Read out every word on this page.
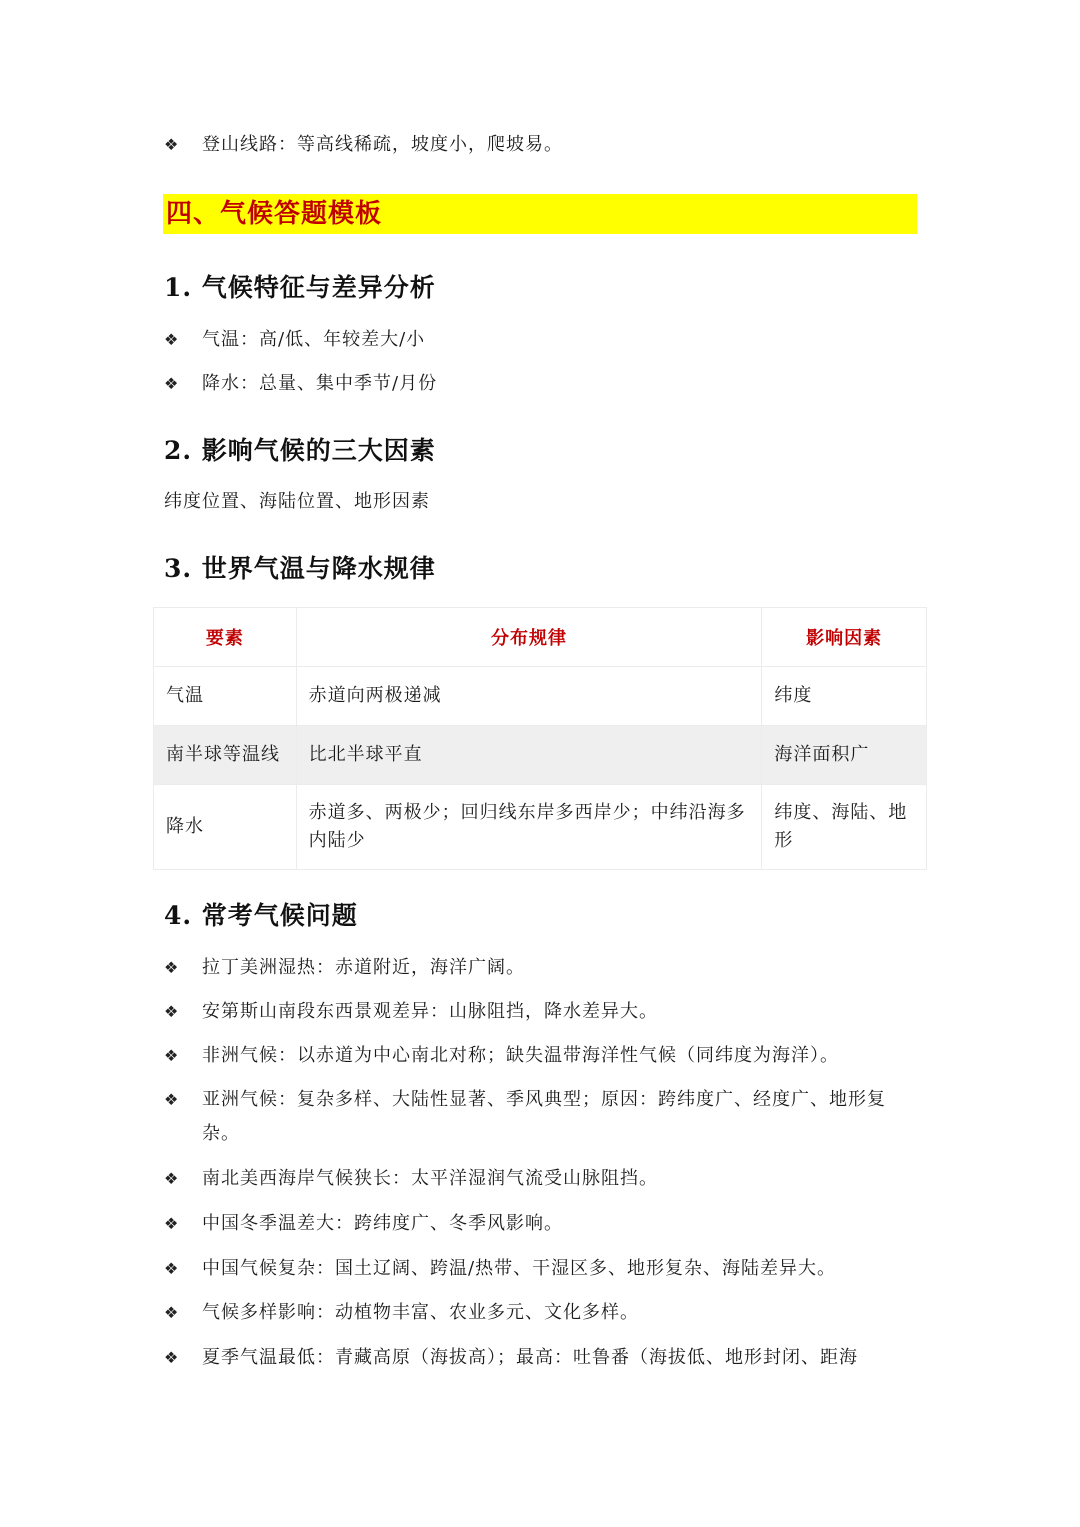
❖	登山线路：等高线稀疏，坡度小，爬坡易。
四、气候答题模板
1. 气候特征与差异分析
❖	气温：高/低、年较差大/小
❖	降水：总量、集中季节/月份
2. 影响气候的三大因素
纬度位置、海陆位置、地形因素
3. 世界气温与降水规律
要素	分布规律	影响因素
气温	赤道向两极递减	纬度
南半球等温线	比北半球平直	海洋面积广
降水	赤道多、两极少；回归线东岸多西岸少；中纬沿海多内陆少	纬度、海陆、地形
4. 常考气候问题
❖	拉丁美洲湿热：赤道附近，海洋广阔。
❖	安第斯山南段东西景观差异：山脉阻挡，降水差异大。
❖	非洲气候：以赤道为中心南北对称；缺失温带海洋性气候（同纬度为海洋）。
❖	亚洲气候：复杂多样、大陆性显著、季风典型；原因：跨纬度广、经度广、地形复杂。
❖	南北美西海岸气候狭长：太平洋湿润气流受山脉阻挡。
❖	中国冬季温差大：跨纬度广、冬季风影响。
❖	中国气候复杂：国土辽阔、跨温/热带、干湿区多、地形复杂、海陆差异大。
❖	气候多样影响：动植物丰富、农业多元、文化多样。
❖	夏季气温最低：青藏高原（海拔高）；最高：吐鲁番（海拔低、地形封闭、距海
